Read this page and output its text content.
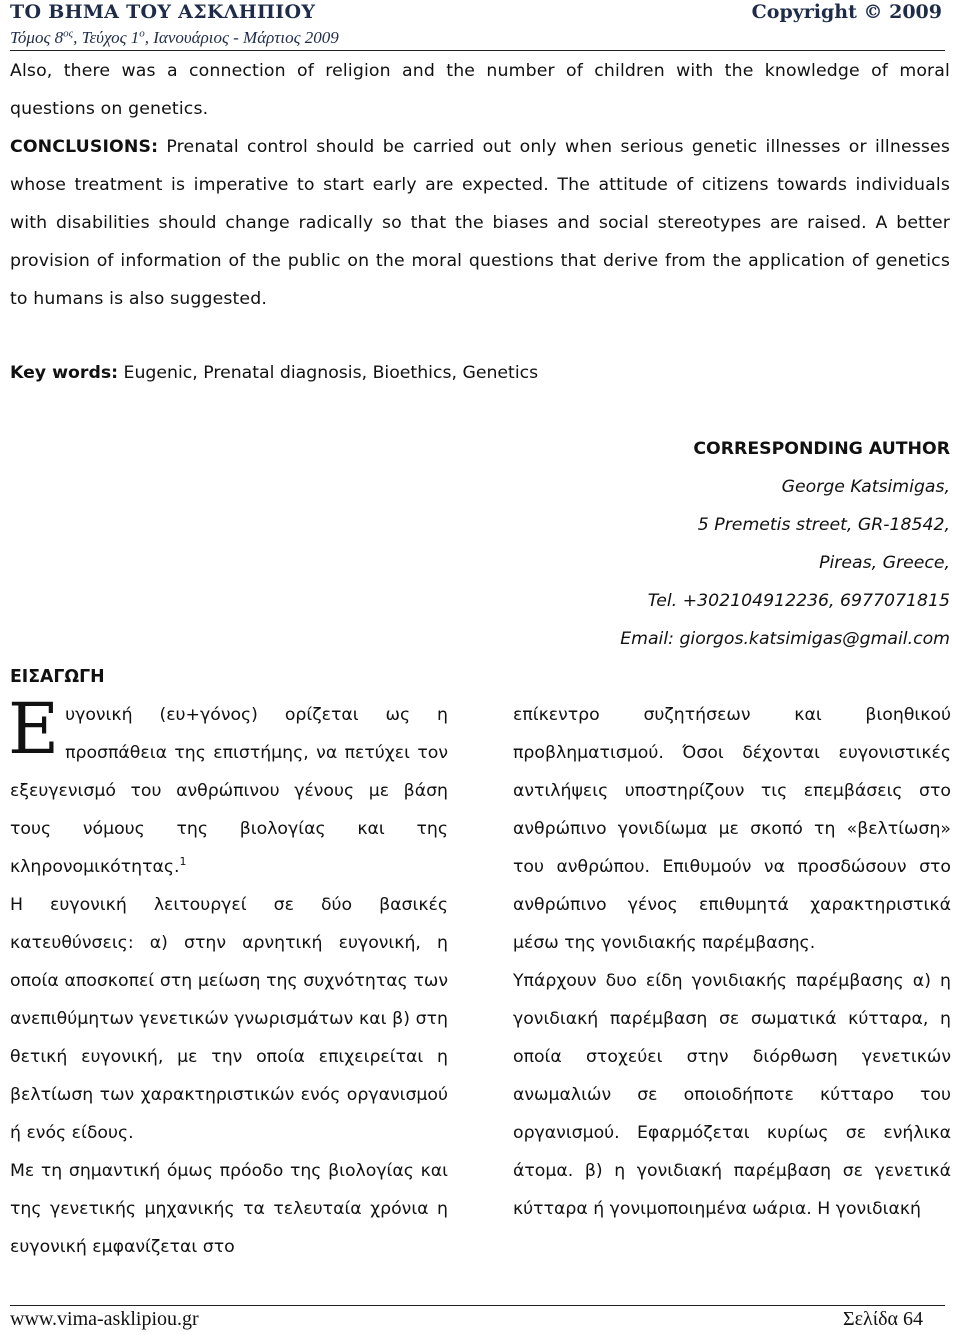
ΤΟ ΒΗΜΑ ΤΟΥ ΑΣΚΛΗΠΙΟΥ	Copyright © 2009
Τόμος $8^{o\varsigma}$, Τεύχος $1^o$, Ιανουάριος - Μάρτιος 2009
Also, there was a connection of religion and the number of children with the knowledge of moral questions on genetics.
CONCLUSIONS: Prenatal control should be carried out only when serious genetic illnesses or illnesses whose treatment is imperative to start early are expected. The attitude of citizens towards individuals with disabilities should change radically so that the biases and social stereotypes are raised. A better provision of information of the public on the moral questions that derive from the application of genetics to humans is also suggested.
Key words: Eugenic, Prenatal diagnosis, Bioethics, Genetics
CORRESPONDING AUTHOR
George Katsimigas,
5 Premetis street, GR-18542,
Pireas, Greece,
Tel. +302104912236, 6977071815
Email: giorgos.katsimigas@gmail.com
ΕΙΣΑΓΩΓΗ

Ευγονική (ευ+γόνος) ορίζεται ως η προσπάθεια της επιστήμης, να πετύχει τον εξευγενισμό του ανθρώπινου γένους με βάση τους νόμους της βιολογίας και της κληρονομικότητας.$^1$

Η ευγονική λειτουργεί σε δύο βασικές κατευθύνσεις: α) στην αρνητική ευγονική, η οποία αποσκοπεί στη μείωση της συχνότητας των ανεπιθύμητων γενετικών γνωρισμάτων και β) στη θετική ευγονική, με την οποία επιχειρείται η βελτίωση των χαρακτηριστικών ενός οργανισμού ή ενός είδους.

Με τη σημαντική όμως πρόοδο της βιολογίας και της γενετικής μηχανικής τα τελευταία χρόνια η ευγονική εμφανίζεται στο

επίκεντρο συζητήσεων και βιοηθικού προβληματισμού. Όσοι δέχονται ευγονιστικές αντιλήψεις υποστηρίζουν τις επεμβάσεις στο ανθρώπινο γονιδίωμα με σκοπό τη «βελτίωση» του ανθρώπου. Επιθυμούν να προσδώσουν στο ανθρώπινο γένος επιθυμητά χαρακτηριστικά μέσω της γονιδιακής παρέμβασης.

Υπάρχουν δυο είδη γονιδιακής παρέμβασης α) η γονιδιακή παρέμβαση σε σωματικά κύτταρα, η οποία στοχεύει στην διόρθωση γενετικών ανωμαλιών σε οποιοδήποτε κύτταρο του οργανισμού. Εφαρμόζεται κυρίως σε ενήλικα άτομα. β) η γονιδιακή παρέμβαση σε γενετικά κύτταρα ή γονιμοποιημένα ωάρια. Η γονιδιακή

www.vima-asklipiou.gr	Σελίδα 64
